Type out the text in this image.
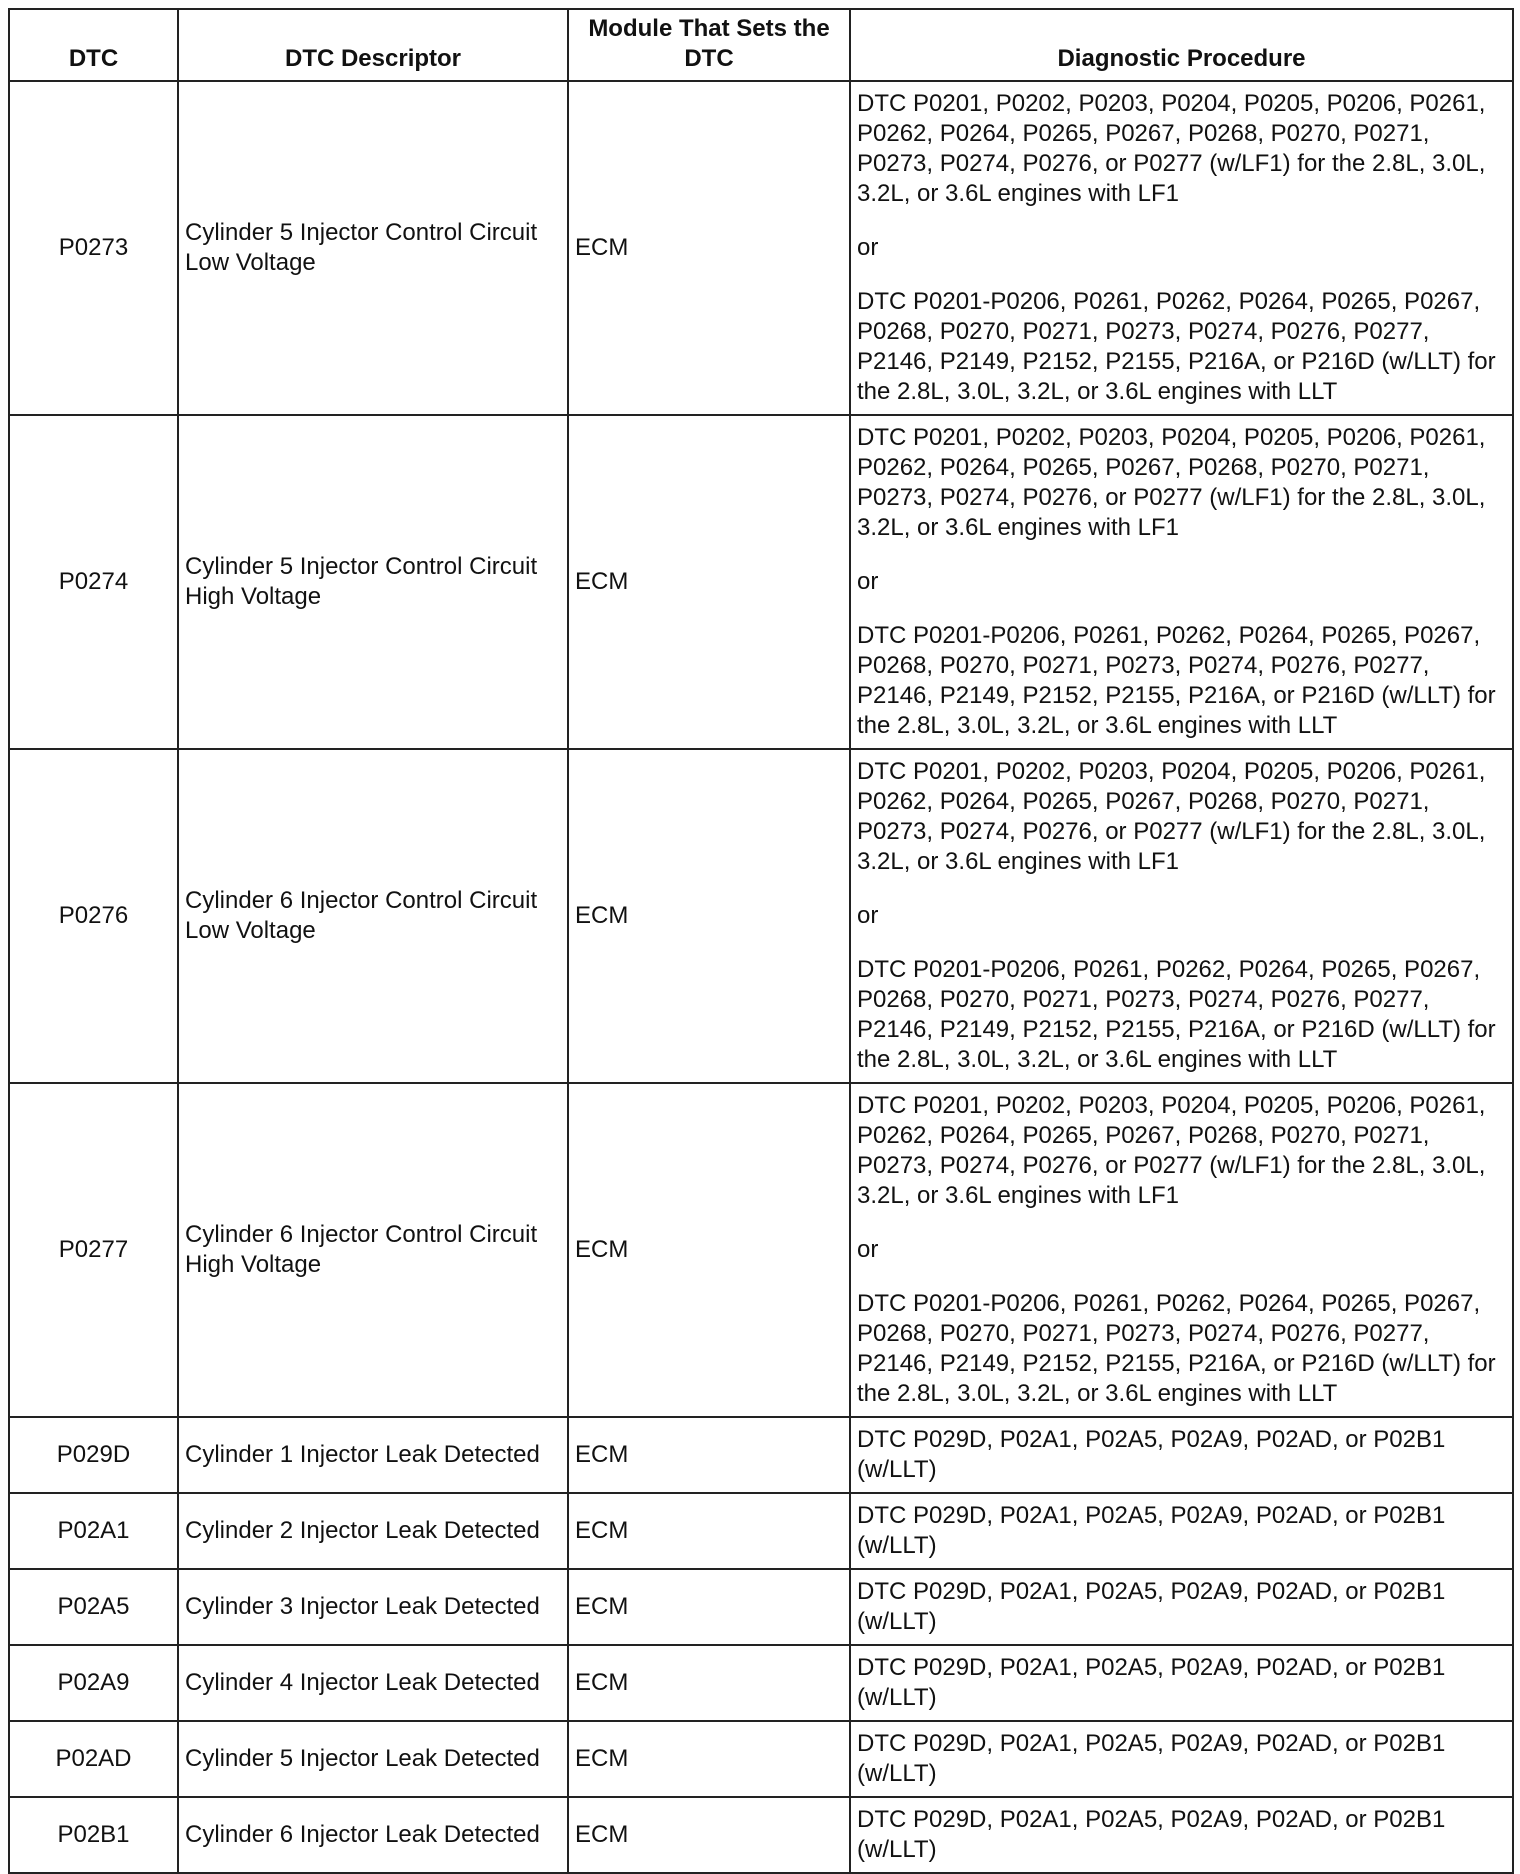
DTC	DTC Descriptor	Module That Sets the DTC	Diagnostic Procedure
P0273	Cylinder 5 Injector Control Circuit Low Voltage	ECM	DTC P0201, P0202, P0203, P0204, P0205, P0206, P0261, P0262, P0264, P0265, P0267, P0268, P0270, P0271, P0273, P0274, P0276, or P0277 (w/LF1) for the 2.8L, 3.0L, 3.2L, or 3.6L engines with LF1
or
DTC P0201-P0206, P0261, P0262, P0264, P0265, P0267, P0268, P0270, P0271, P0273, P0274, P0276, P0277, P2146, P2149, P2152, P2155, P216A, or P216D (w/LLT) for the 2.8L, 3.0L, 3.2L, or 3.6L engines with LLT

P0274	Cylinder 5 Injector Control Circuit High Voltage	ECM	DTC P0201, P0202, P0203, P0204, P0205, P0206, P0261, P0262, P0264, P0265, P0267, P0268, P0270, P0271, P0273, P0274, P0276, or P0277 (w/LF1) for the 2.8L, 3.0L, 3.2L, or 3.6L engines with LF1
or
DTC P0201-P0206, P0261, P0262, P0264, P0265, P0267, P0268, P0270, P0271, P0273, P0274, P0276, P0277, P2146, P2149, P2152, P2155, P216A, or P216D (w/LLT) for the 2.8L, 3.0L, 3.2L, or 3.6L engines with LLT

P0276	Cylinder 6 Injector Control Circuit Low Voltage	ECM	DTC P0201, P0202, P0203, P0204, P0205, P0206, P0261, P0262, P0264, P0265, P0267, P0268, P0270, P0271, P0273, P0274, P0276, or P0277 (w/LF1) for the 2.8L, 3.0L, 3.2L, or 3.6L engines with LF1
or
DTC P0201-P0206, P0261, P0262, P0264, P0265, P0267, P0268, P0270, P0271, P0273, P0274, P0276, P0277, P2146, P2149, P2152, P2155, P216A, or P216D (w/LLT) for the 2.8L, 3.0L, 3.2L, or 3.6L engines with LLT

P0277	Cylinder 6 Injector Control Circuit High Voltage	ECM	DTC P0201, P0202, P0203, P0204, P0205, P0206, P0261, P0262, P0264, P0265, P0267, P0268, P0270, P0271, P0273, P0274, P0276, or P0277 (w/LF1) for the 2.8L, 3.0L, 3.2L, or 3.6L engines with LF1
or
DTC P0201-P0206, P0261, P0262, P0264, P0265, P0267, P0268, P0270, P0271, P0273, P0274, P0276, P0277, P2146, P2149, P2152, P2155, P216A, or P216D (w/LLT) for the 2.8L, 3.0L, 3.2L, or 3.6L engines with LLT

P029D	Cylinder 1 Injector Leak Detected	ECM	DTC P029D, P02A1, P02A5, P02A9, P02AD, or P02B1 (w/LLT)
P02A1	Cylinder 2 Injector Leak Detected	ECM	DTC P029D, P02A1, P02A5, P02A9, P02AD, or P02B1 (w/LLT)
P02A5	Cylinder 3 Injector Leak Detected	ECM	DTC P029D, P02A1, P02A5, P02A9, P02AD, or P02B1 (w/LLT)
P02A9	Cylinder 4 Injector Leak Detected	ECM	DTC P029D, P02A1, P02A5, P02A9, P02AD, or P02B1 (w/LLT)
P02AD	Cylinder 5 Injector Leak Detected	ECM	DTC P029D, P02A1, P02A5, P02A9, P02AD, or P02B1 (w/LLT)
P02B1	Cylinder 6 Injector Leak Detected	ECM	DTC P029D, P02A1, P02A5, P02A9, P02AD, or P02B1 (w/LLT)
